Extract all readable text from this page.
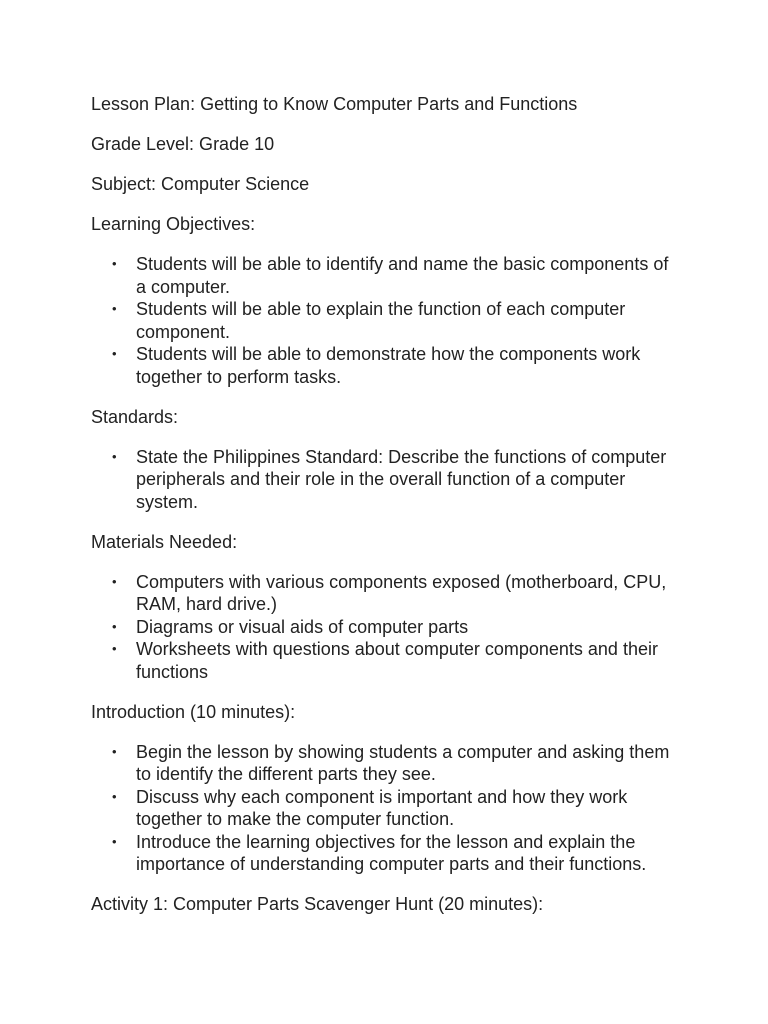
Lesson Plan: Getting to Know Computer Parts and Functions

Grade Level: Grade 10

Subject: Computer Science

Learning Objectives:

•	Students will be able to identify and name the basic components of a computer.
•	Students will be able to explain the function of each computer component.
•	Students will be able to demonstrate how the components work together to perform tasks.

Standards:

•	State the Philippines Standard: Describe the functions of computer peripherals and their role in the overall function of a computer system.

Materials Needed:

•	Computers with various components exposed (motherboard, CPU, RAM, hard drive.)
•	Diagrams or visual aids of computer parts
•	Worksheets with questions about computer components and their functions

Introduction (10 minutes):

•	Begin the lesson by showing students a computer and asking them to identify the different parts they see.
•	Discuss why each component is important and how they work together to make the computer function.
•	Introduce the learning objectives for the lesson and explain the importance of understanding computer parts and their functions.

Activity 1: Computer Parts Scavenger Hunt (20 minutes):
